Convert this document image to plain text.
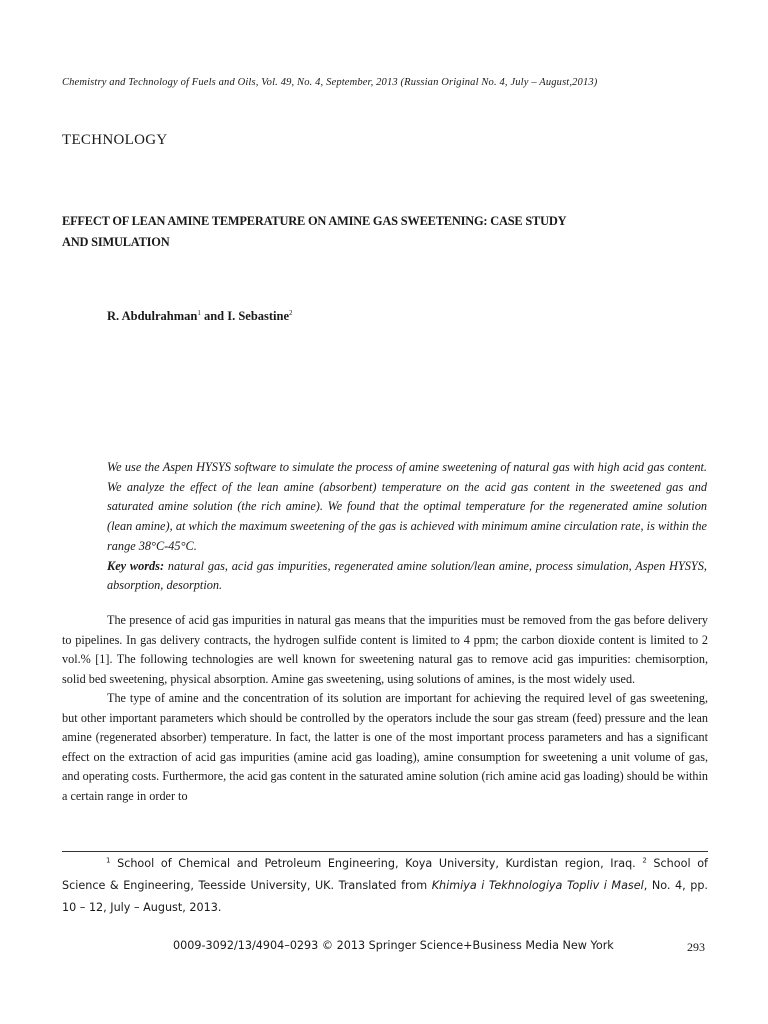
Chemistry and Technology of Fuels and Oils, Vol. 49, No. 4, September, 2013 (Russian Original No. 4, July – August,2013)
TECHNOLOGY
EFFECT OF LEAN AMINE TEMPERATURE ON AMINE GAS SWEETENING: CASE STUDY AND SIMULATION
R. Abdulrahman$^1$ and I. Sebastine$^2$
We use the Aspen HYSYS software to simulate the process of amine sweetening of natural gas with high acid gas content. We analyze the effect of the lean amine (absorbent) temperature on the acid gas content in the sweetened gas and saturated amine solution (the rich amine). We found that the optimal temperature for the regenerated amine solution (lean amine), at which the maximum sweetening of the gas is achieved with minimum amine circulation rate, is within the range 38°C-45°C.
Key words: natural gas, acid gas impurities, regenerated amine solution/lean amine, process simulation, Aspen HYSYS, absorption, desorption.

The presence of acid gas impurities in natural gas means that the impurities must be removed from the gas before delivery to pipelines. In gas delivery contracts, the hydrogen sulfide content is limited to 4 ppm; the carbon dioxide content is limited to 2 vol.% [1]. The following technologies are well known for sweetening natural gas to remove acid gas impurities: chemisorption, solid bed sweetening, physical absorption. Amine gas sweetening, using solutions of amines, is the most widely used.

The type of amine and the concentration of its solution are important for achieving the required level of gas sweetening, but other important parameters which should be controlled by the operators include the sour gas stream (feed) pressure and the lean amine (regenerated absorber) temperature. In fact, the latter is one of the most important process parameters and has a significant effect on the extraction of acid gas impurities (amine acid gas loading), amine consumption for sweetening a unit volume of gas, and operating costs. Furthermore, the acid gas content in the saturated amine solution (rich amine acid gas loading) should be within a certain range in order to

$^1$ School of Chemical and Petroleum Engineering, Koya University, Kurdistan region, Iraq. $^2$ School of Science & Engineering, Teesside University, UK. Translated from Khimiya i Tekhnologiya Topliv i Masel, No. 4, pp. 10 – 12, July – August, 2013.
0009-3092/13/4904–0293 © 2013 Springer Science+Business Media New York	293
